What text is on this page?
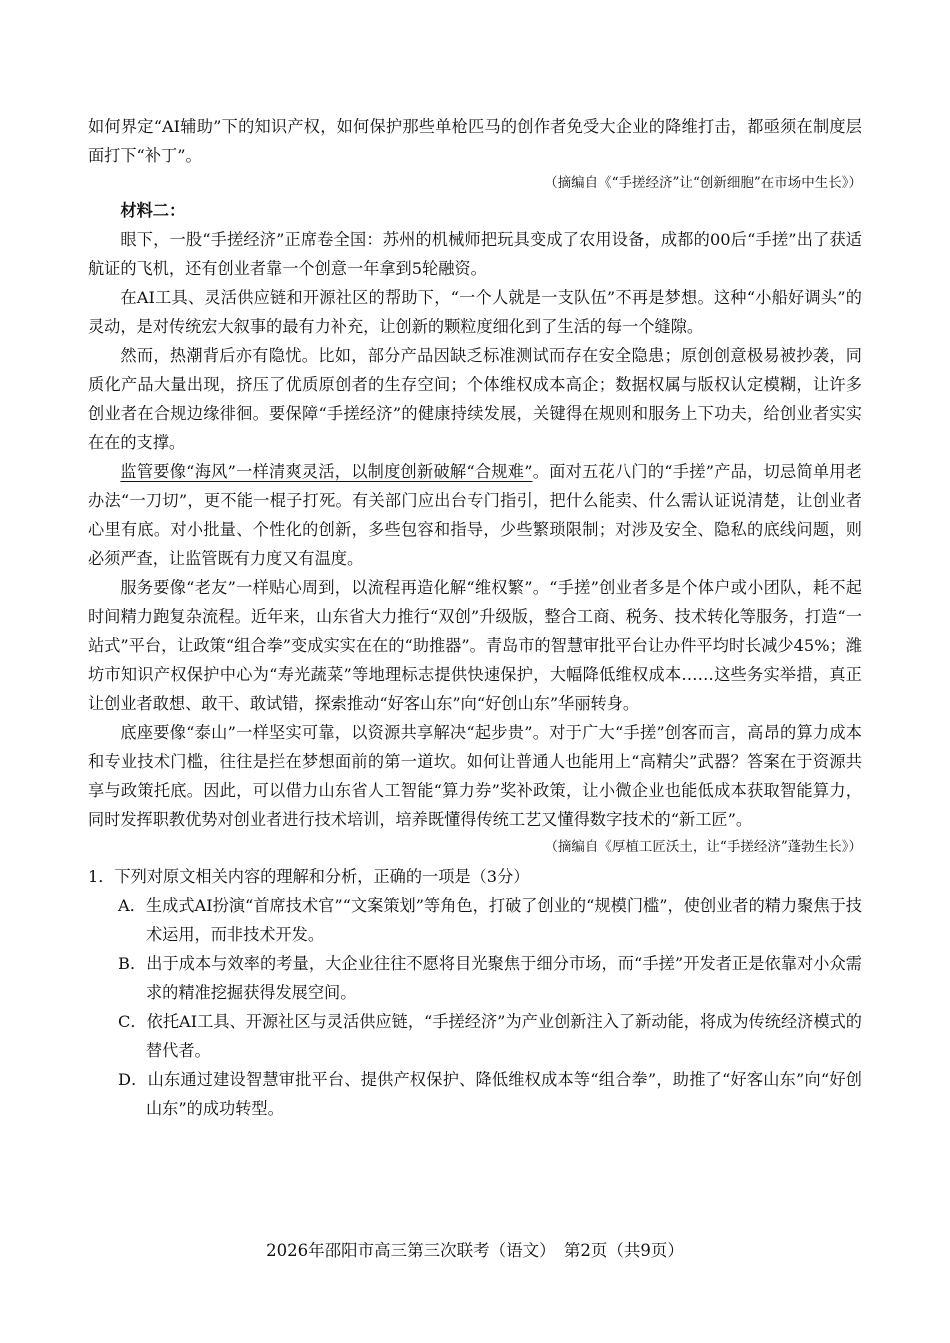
如何界定“AI辅助”下的知识产权，如何保护那些单枪匹马的创作者免受大企业的降维打击，都亟须在制度层面打下“补丁”。

（摘编自《“手搓经济”让“创新细胞”在市场中生长》）

材料二：

眼下，一股“手搓经济”正席卷全国：苏州的机械师把玩具变成了农用设备，成都的00后“手搓”出了获适航证的飞机，还有创业者靠一个创意一年拿到5轮融资。

在AI工具、灵活供应链和开源社区的帮助下，“一个人就是一支队伍”不再是梦想。这种“小船好调头”的灵动，是对传统宏大叙事的最有力补充，让创新的颗粒度细化到了生活的每一个缝隙。

然而，热潮背后亦有隐忧。比如，部分产品因缺乏标准测试而存在安全隐患；原创创意极易被抄袭，同质化产品大量出现，挤压了优质原创者的生存空间；个体维权成本高企；数据权属与版权认定模糊，让许多创业者在合规边缘徘徊。要保障“手搓经济”的健康持续发展，关键得在规则和服务上下功夫，给创业者实实在在的支撑。

监管要像“海风”一样清爽灵活，以制度创新破解“合规难”。面对五花八门的“手搓”产品，切忌简单用老办法“一刀切”，更不能一棍子打死。有关部门应出台专门指引，把什么能卖、什么需认证说清楚，让创业者心里有底。对小批量、个性化的创新，多些包容和指导，少些繁琐限制；对涉及安全、隐私的底线问题，则必须严查，让监管既有力度又有温度。

服务要像“老友”一样贴心周到，以流程再造化解“维权繁”。“手搓”创业者多是个体户或小团队，耗不起时间精力跑复杂流程。近年来，山东省大力推行“双创”升级版，整合工商、税务、技术转化等服务，打造“一站式”平台，让政策“组合拳”变成实实在在的“助推器”。青岛市的智慧审批平台让办件平均时长减少45%；潍坊市知识产权保护中心为“寿光蔬菜”等地理标志提供快速保护，大幅降低维权成本……这些务实举措，真正让创业者敢想、敢干、敢试错，探索推动“好客山东”向“好创山东”华丽转身。

底座要像“泰山”一样坚实可靠，以资源共享解决“起步贵”。对于广大“手搓”创客而言，高昂的算力成本和专业技术门槛，往往是拦在梦想面前的第一道坎。如何让普通人也能用上“高精尖”武器？答案在于资源共享与政策托底。因此，可以借力山东省人工智能“算力券”奖补政策，让小微企业也能低成本获取智能算力，同时发挥职教优势对创业者进行技术培训，培养既懂得传统工艺又懂得数字技术的“新工匠”。

（摘编自《厚植工匠沃土，让“手搓经济”蓬勃生长》）

1．下列对原文相关内容的理解和分析，正确的一项是（3分）

A．生成式AI扮演“首席技术官”“文案策划”等角色，打破了创业的“规模门槛”，使创业者的精力聚焦于技术运用，而非技术开发。

B．出于成本与效率的考量，大企业往往不愿将目光聚焦于细分市场，而“手搓”开发者正是依靠对小众需求的精准挖掘获得发展空间。

C．依托AI工具、开源社区与灵活供应链，“手搓经济”为产业创新注入了新动能，将成为传统经济模式的替代者。

D．山东通过建设智慧审批平台、提供产权保护、降低维权成本等“组合拳”，助推了“好客山东”向“好创山东”的成功转型。

2026年邵阳市高三第三次联考（语文）　第2页（共9页）
